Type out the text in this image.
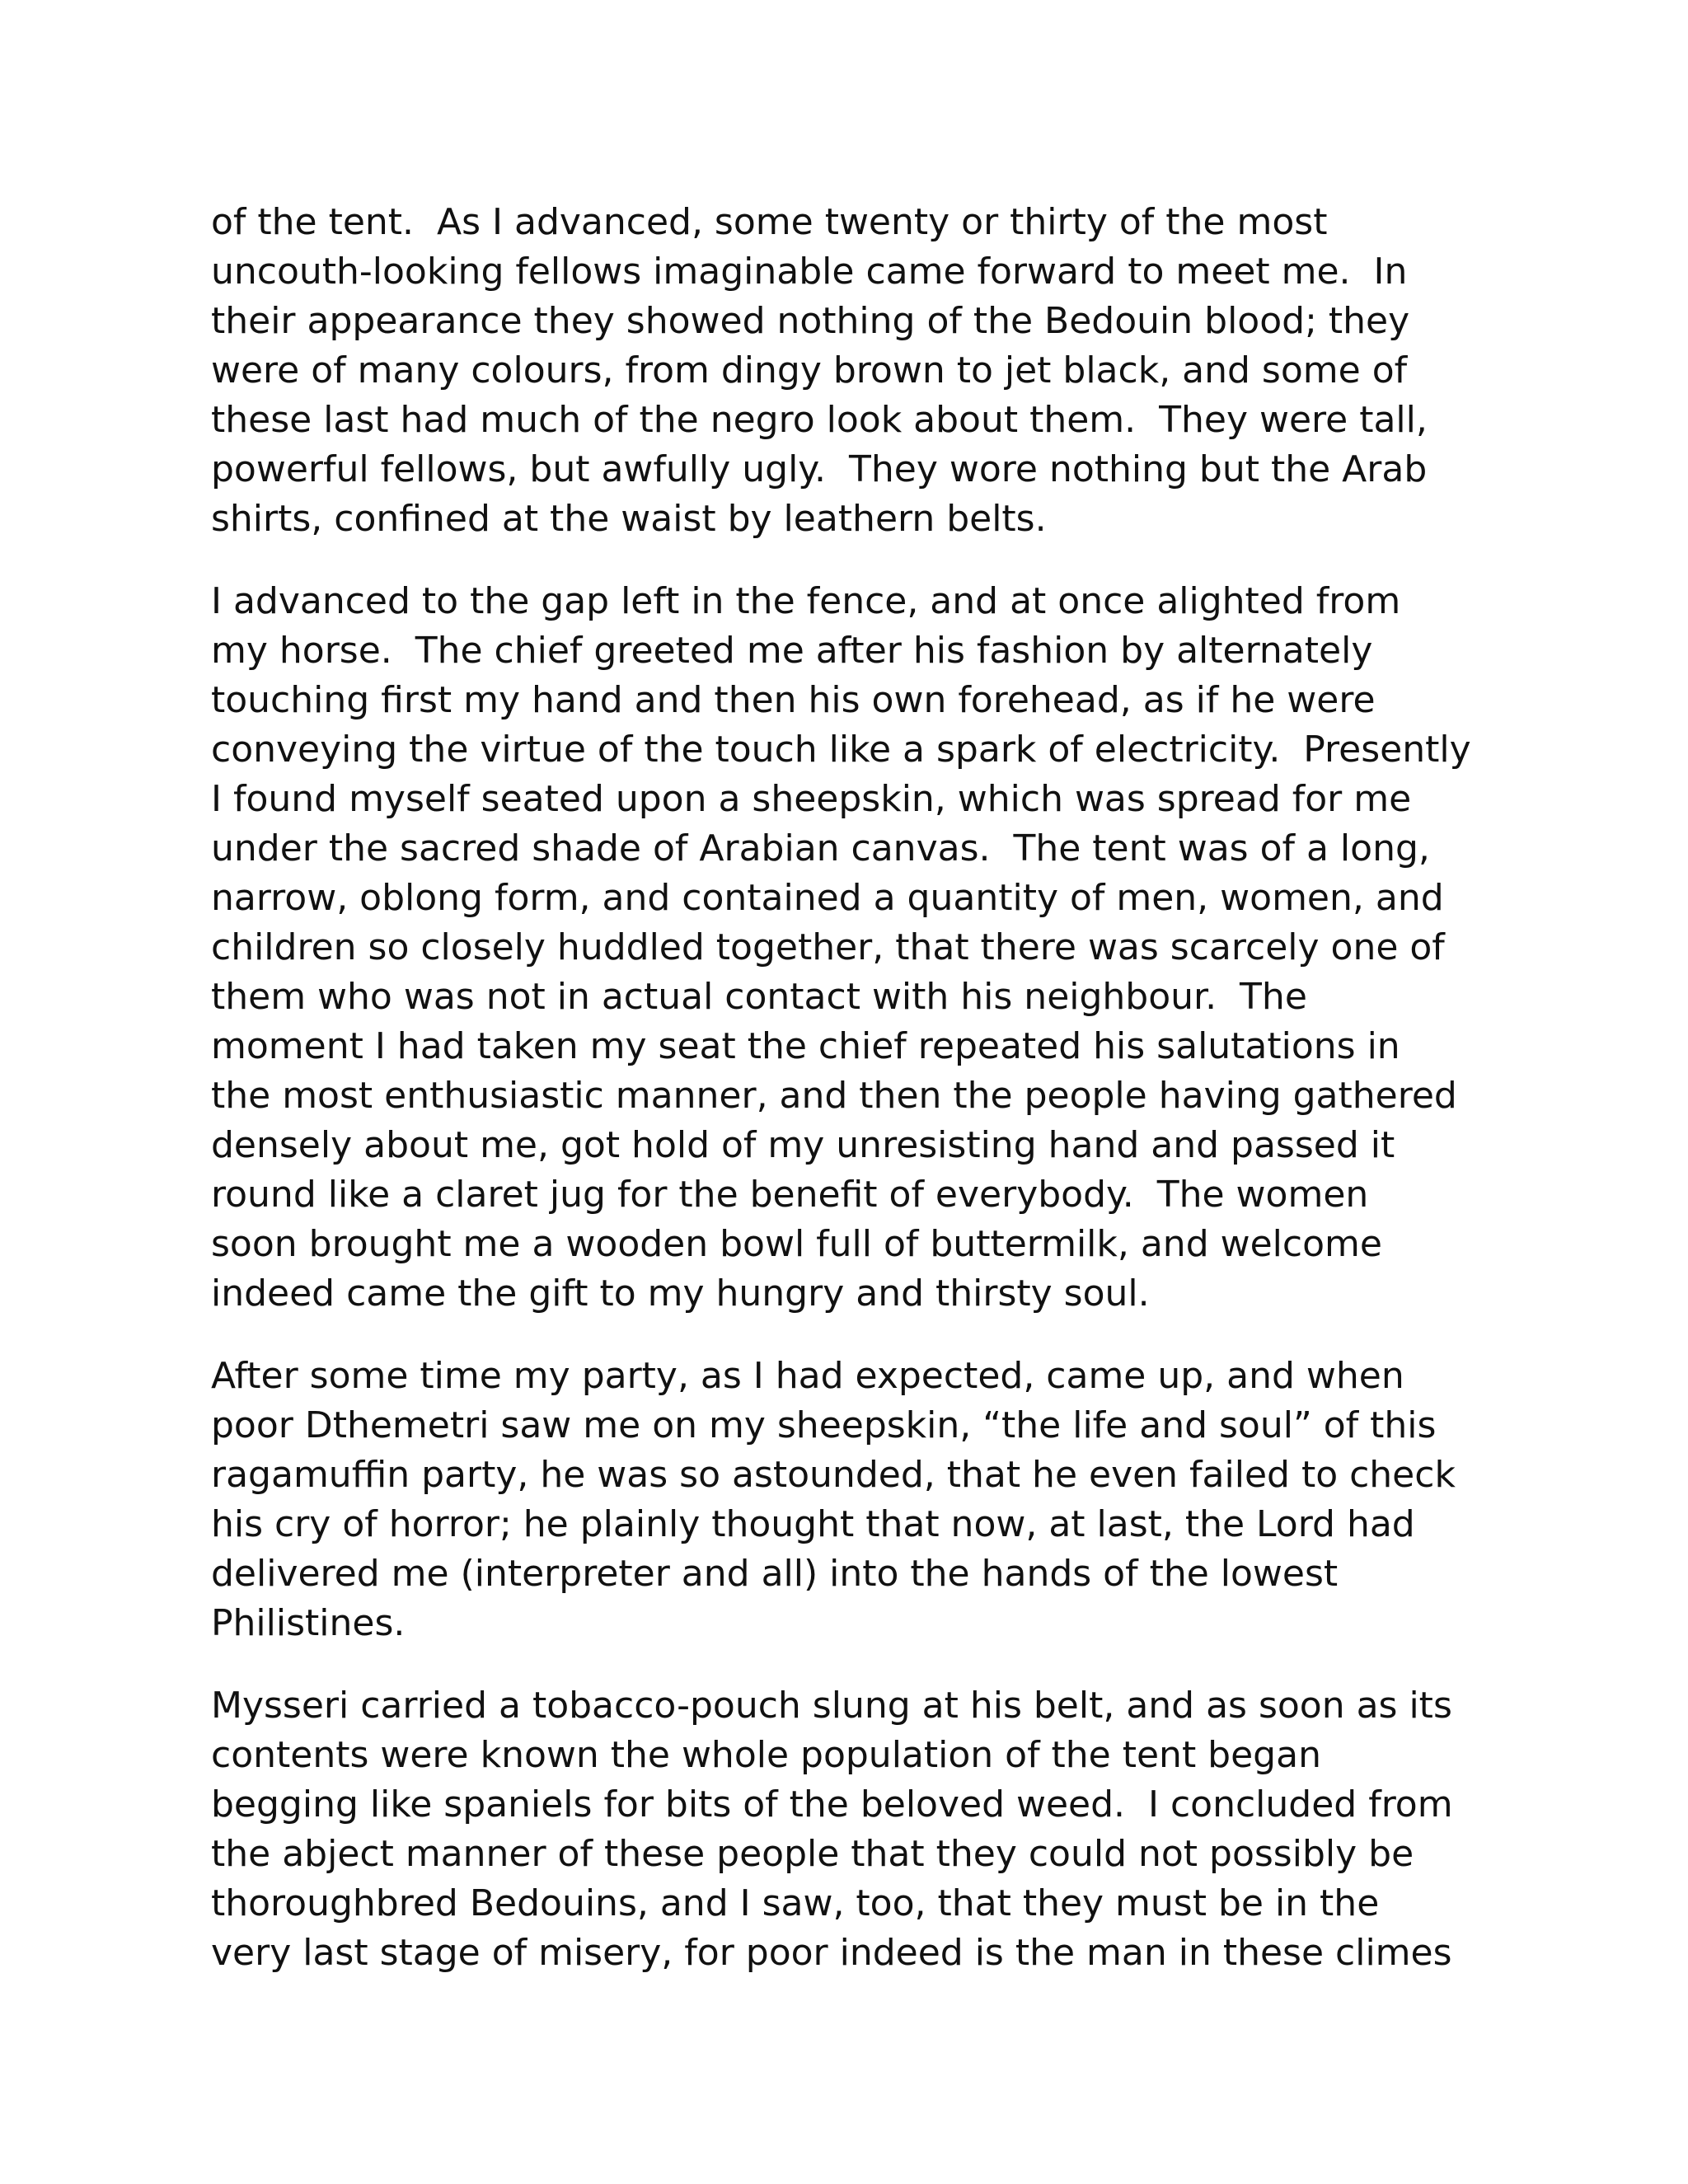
of the tent.  As I advanced, some twenty or thirty of the most
uncouth-looking fellows imaginable came forward to meet me.  In
their appearance they showed nothing of the Bedouin blood; they
were of many colours, from dingy brown to jet black, and some of
these last had much of the negro look about them.  They were tall,
powerful fellows, but awfully ugly.  They wore nothing but the Arab
shirts, confined at the waist by leathern belts.
I advanced to the gap left in the fence, and at once alighted from
my horse.  The chief greeted me after his fashion by alternately
touching first my hand and then his own forehead, as if he were
conveying the virtue of the touch like a spark of electricity.  Presently
I found myself seated upon a sheepskin, which was spread for me
under the sacred shade of Arabian canvas.  The tent was of a long,
narrow, oblong form, and contained a quantity of men, women, and
children so closely huddled together, that there was scarcely one of
them who was not in actual contact with his neighbour.  The
moment I had taken my seat the chief repeated his salutations in
the most enthusiastic manner, and then the people having gathered
densely about me, got hold of my unresisting hand and passed it
round like a claret jug for the benefit of everybody.  The women
soon brought me a wooden bowl full of buttermilk, and welcome
indeed came the gift to my hungry and thirsty soul.
After some time my party, as I had expected, came up, and when
poor Dthemetri saw me on my sheepskin, “the life and soul” of this
ragamuffin party, he was so astounded, that he even failed to check
his cry of horror; he plainly thought that now, at last, the Lord had
delivered me (interpreter and all) into the hands of the lowest
Philistines.
Mysseri carried a tobacco-pouch slung at his belt, and as soon as its
contents were known the whole population of the tent began
begging like spaniels for bits of the beloved weed.  I concluded from
the abject manner of these people that they could not possibly be
thoroughbred Bedouins, and I saw, too, that they must be in the
very last stage of misery, for poor indeed is the man in these climes
